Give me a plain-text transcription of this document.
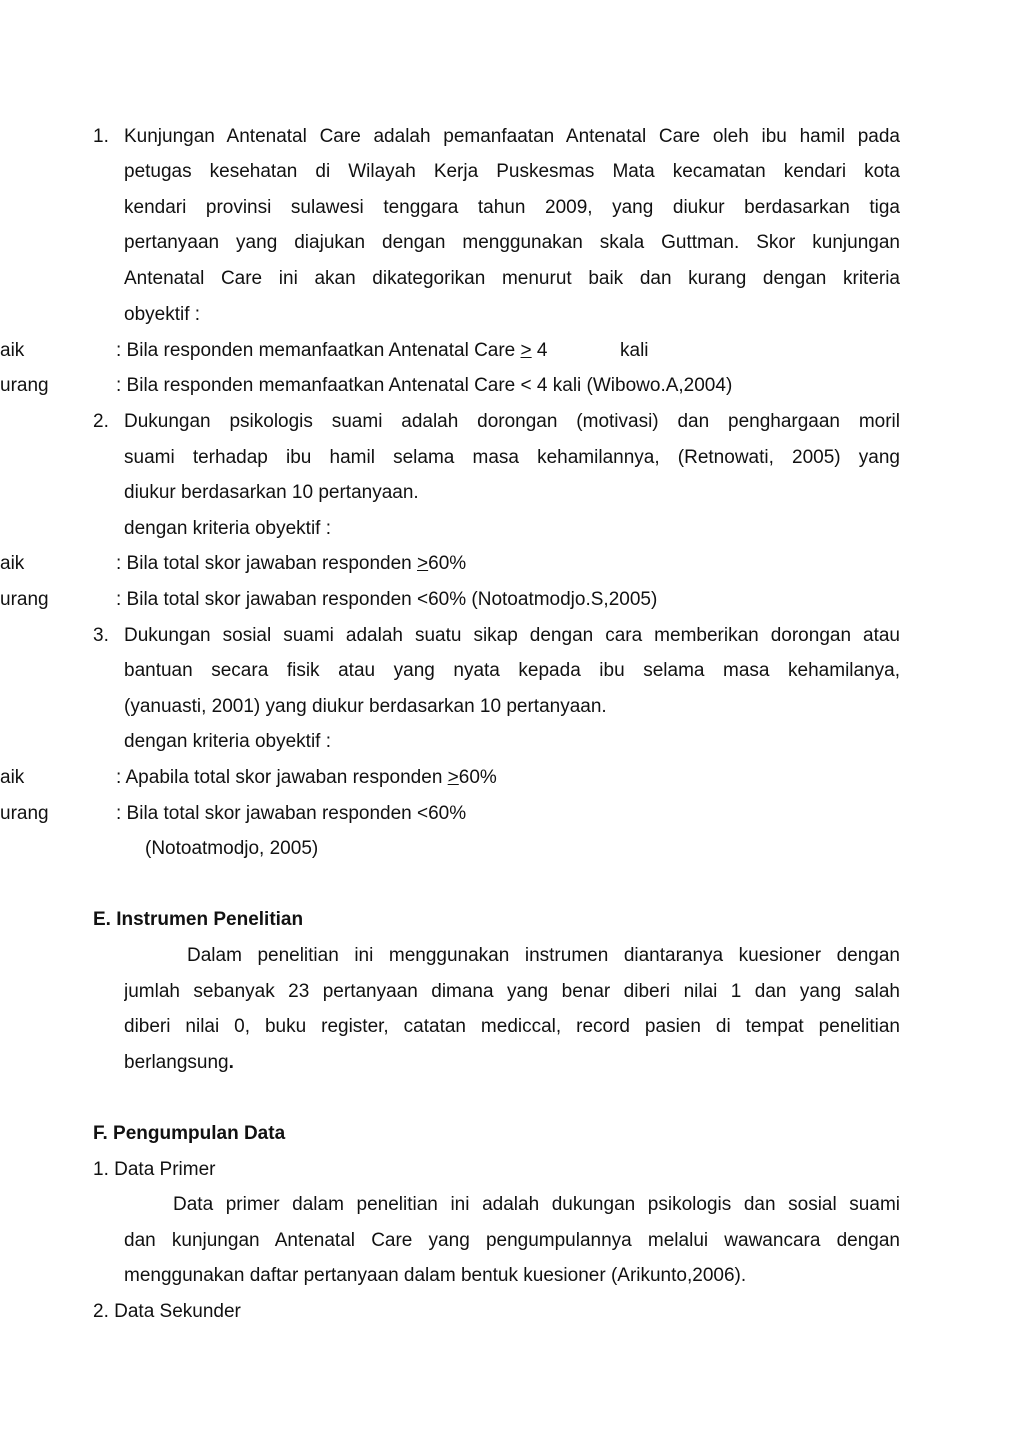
1. Kunjungan Antenatal Care adalah pemanfaatan Antenatal Care oleh ibu hamil pada
petugas kesehatan di Wilayah Kerja Puskesmas Mata kecamatan kendari kota
kendari provinsi sulawesi tenggara tahun 2009, yang diukur berdasarkan tiga
pertanyaan yang diajukan dengan menggunakan skala Guttman. Skor kunjungan
Antenatal Care ini akan dikategorikan menurut baik dan kurang dengan kriteria
obyektif :
aik	: Bila responden memanfaatkan Antenatal Care ≥ 4	kali
urang	: Bila responden memanfaatkan Antenatal Care < 4 kali (Wibowo.A,2004)
2. Dukungan psikologis suami adalah dorongan (motivasi) dan penghargaan moril
suami terhadap ibu hamil selama masa kehamilannya, (Retnowati, 2005) yang
diukur berdasarkan 10 pertanyaan.
dengan kriteria obyektif :
aik	: Bila total skor jawaban responden ≥60%
urang	: Bila total skor jawaban responden <60% (Notoatmodjo.S,2005)
3. Dukungan sosial suami adalah suatu sikap dengan cara memberikan dorongan atau
bantuan secara fisik atau yang nyata kepada ibu selama masa kehamilanya,
(yanuasti, 2001) yang diukur berdasarkan 10 pertanyaan.
dengan kriteria obyektif :
aik	: Apabila total skor jawaban responden ≥60%
urang	: Bila total skor jawaban responden <60%
(Notoatmodjo, 2005)
E. Instrumen Penelitian
Dalam penelitian ini menggunakan instrumen diantaranya kuesioner dengan
jumlah sebanyak 23 pertanyaan dimana yang benar diberi nilai 1 dan yang salah
diberi nilai 0, buku register, catatan mediccal, record pasien di tempat penelitian
berlangsung.
F. Pengumpulan Data
1. Data Primer
Data primer dalam penelitian ini adalah dukungan psikologis dan sosial suami
dan kunjungan Antenatal Care yang pengumpulannya melalui wawancara dengan
menggunakan daftar pertanyaan dalam bentuk kuesioner (Arikunto,2006).
2. Data Sekunder
